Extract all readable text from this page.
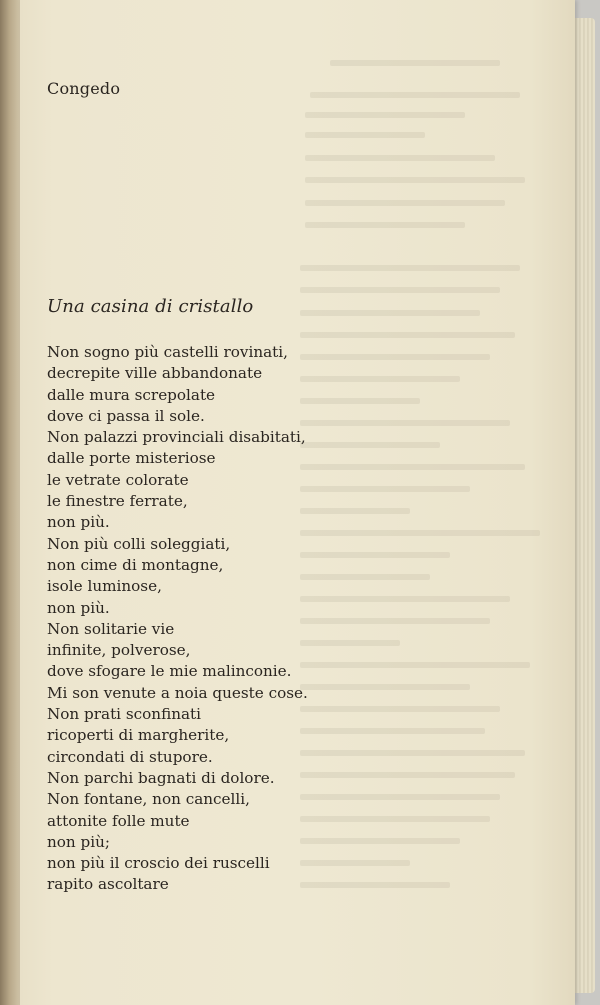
Congedo
Una casina di cristallo
Non sogno più castelli rovinati,
decrepite ville abbandonate
dalle mura screpolate
dove ci passa il sole.
Non palazzi provinciali disabitati,
dalle porte misteriose
le vetrate colorate
le finestre ferrate,
non più.
Non più colli soleggiati,
non cime di montagne,
isole luminose,
non più.
Non solitarie vie
infinite, polverose,
dove sfogare le mie malinconie.
Mi son venute a noia queste cose.
Non prati sconfinati
ricoperti di margherite,
circondati di stupore.
Non parchi bagnati di dolore.
Non fontane, non cancelli,
attonite folle mute
non più;
non più il croscio dei ruscelli
rapito ascoltare
